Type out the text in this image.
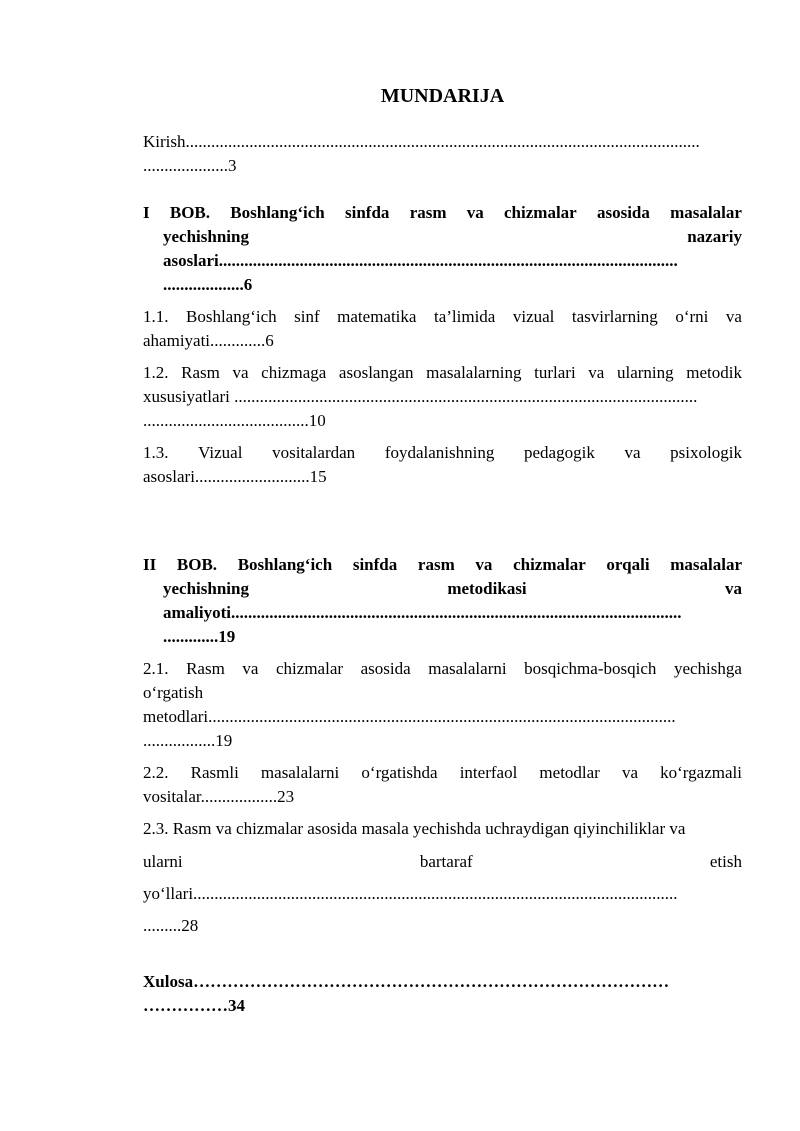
MUNDARIJA
Kirish.........................................................................................................................
....................3
I BOB. Boshlang‘ich sinfda rasm va chizmalar asosida masalalar
yechishning	nazariy
asoslari............................................................................................................
...................6
1.1. Boshlang‘ich sinf matematika ta’limida vizual tasvirlarning o‘rni va
ahamiyati.............6
1.2. Rasm va chizmaga asoslangan masalalarning turlari va ularning metodik
xususiyatlari .............................................................................................................
.......................................10
1.3. Vizual vositalardan foydalanishning pedagogik va psixologik
asoslari...........................15
II BOB. Boshlang‘ich sinfda rasm va chizmalar orqali masalalar
yechishning	metodikasi	va
amaliyoti..........................................................................................................
.............19
2.1. Rasm va chizmalar asosida masalalarni bosqichma-bosqich yechishga
o‘rgatish
metodlari..............................................................................................................
.................19
2.2. Rasmli masalalarni o‘rgatishda interfaol metodlar va ko‘rgazmali
vositalar..................23
2.3. Rasm va chizmalar asosida masala yechishda uchraydigan qiyinchiliklar va
ularni	bartaraf	etish
yo‘llari..................................................................................................................
.........28
Xulosa…………………………………………………………………………
……………34
